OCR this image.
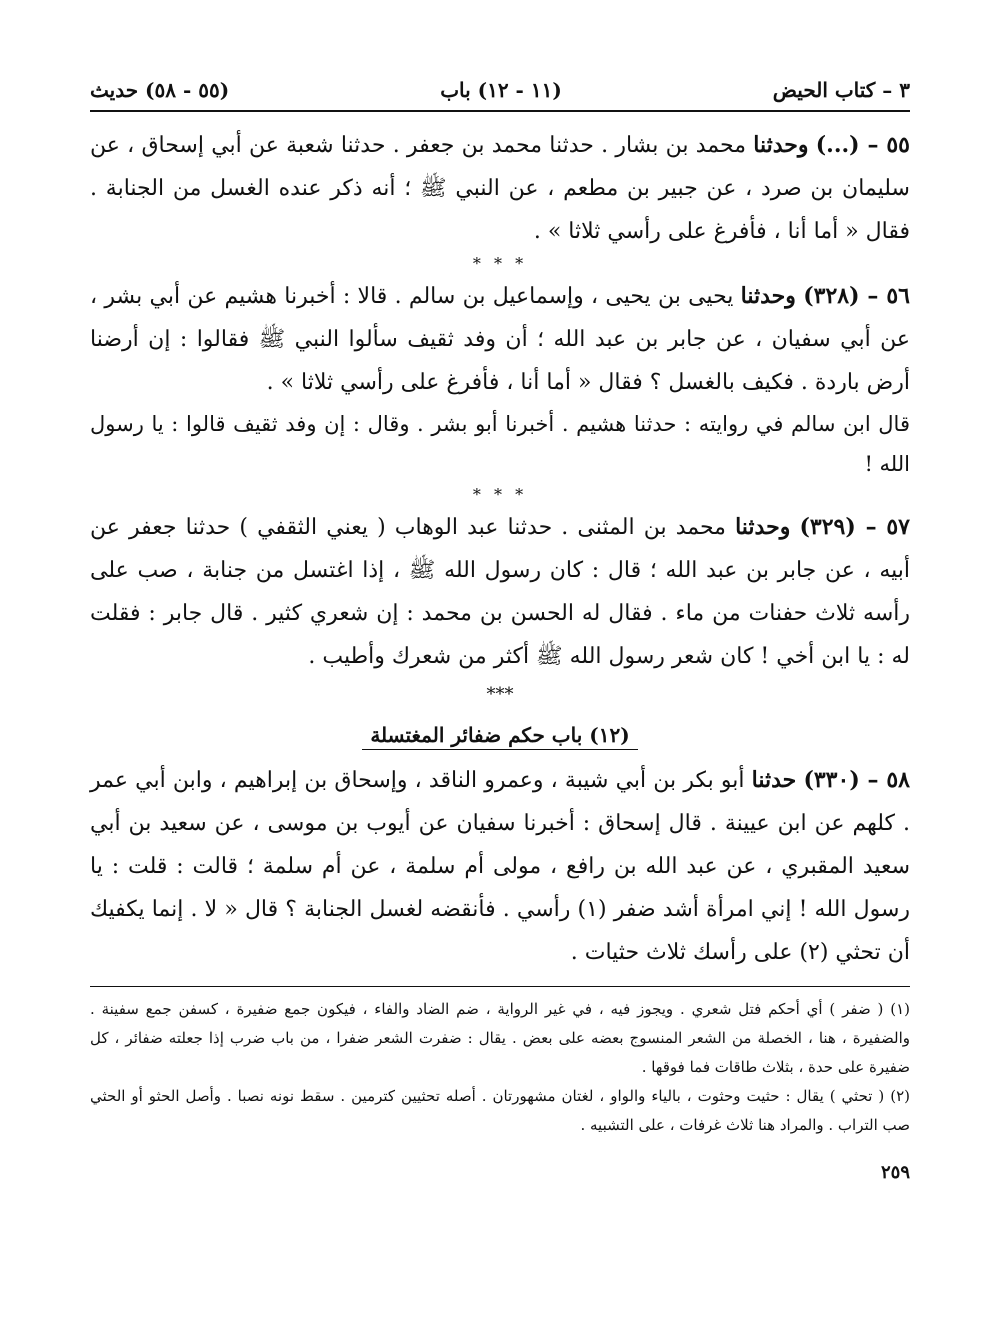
٣ – كتاب الحيض
(١١ - ١٢) باب
(٥٥ - ٥٨) حديث

٥٥ – (...) وحدثنا محمد بن بشار . حدثنا محمد بن جعفر . حدثنا شعبة عن أبي إسحاق ، عن سليمان بن صرد ، عن جبير بن مطعم ، عن النبي ﷺ ؛ أنه ذكر عنده الغسل من الجنابة . فقال « أما أنا ، فأفرغ على رأسي ثلاثا » .

* * *

٥٦ – (٣٢٨) وحدثنا يحيى بن يحيى ، وإسماعيل بن سالم . قالا : أخبرنا هشيم عن أبي بشر ، عن أبي سفيان ، عن جابر بن عبد الله ؛ أن وفد ثقيف سألوا النبي ﷺ فقالوا : إن أرضنا أرض باردة . فكيف بالغسل ؟ فقال « أما أنا ، فأفرغ على رأسي ثلاثا » .

قال ابن سالم في روايته : حدثنا هشيم . أخبرنا أبو بشر . وقال : إن وفد ثقيف قالوا : يا رسول الله !

* * *

٥٧ – (٣٢٩) وحدثنا محمد بن المثنى . حدثنا عبد الوهاب ( يعني الثقفي ) حدثنا جعفر عن أبيه ، عن جابر بن عبد الله ؛ قال : كان رسول الله ﷺ ، إذا اغتسل من جنابة ، صب على رأسه ثلاث حفنات من ماء . فقال له الحسن بن محمد : إن شعري كثير . قال جابر : فقلت له : يا ابن أخي ! كان شعر رسول الله ﷺ أكثر من شعرك وأطيب .

***
(١٢) باب حكم ضفائر المغتسلة

٥٨ – (٣٣٠) حدثنا أبو بكر بن أبي شيبة ، وعمرو الناقد ، وإسحاق بن إبراهيم ، وابن أبي عمر . كلهم عن ابن عيينة . قال إسحاق : أخبرنا سفيان عن أيوب بن موسى ، عن سعيد بن أبي سعيد المقبري ، عن عبد الله بن رافع ، مولى أم سلمة ، عن أم سلمة ؛ قالت : قلت : يا رسول الله ! إني امرأة أشد ضفر (١) رأسي . فأنقضه لغسل الجنابة ؟ قال « لا . إنما يكفيك أن تحثي (٢) على رأسك ثلاث حثيات .

(١) ( ضفر ) أي أحكم فتل شعري . ويجوز فيه ، في غير الرواية ، ضم الضاد والفاء ، فيكون جمع ضفيرة ، كسفن جمع سفينة . والضفيرة ، هنا ، الخصلة من الشعر المنسوج بعضه على بعض . يقال : ضفرت الشعر ضفرا ، من باب ضرب إذا جعلته ضفائر ، كل ضفيرة على حدة ، بثلاث طاقات فما فوقها .

(٢) ( تحثي ) يقال : حثيت وحثوت ، بالياء والواو ، لغتان مشهورتان . أصله تحثيين كترمين . سقط نونه نصبا . وأصل الحثو أو الحثي صب التراب . والمراد هنا ثلاث غرفات ، على التشبيه .

٢٥٩
